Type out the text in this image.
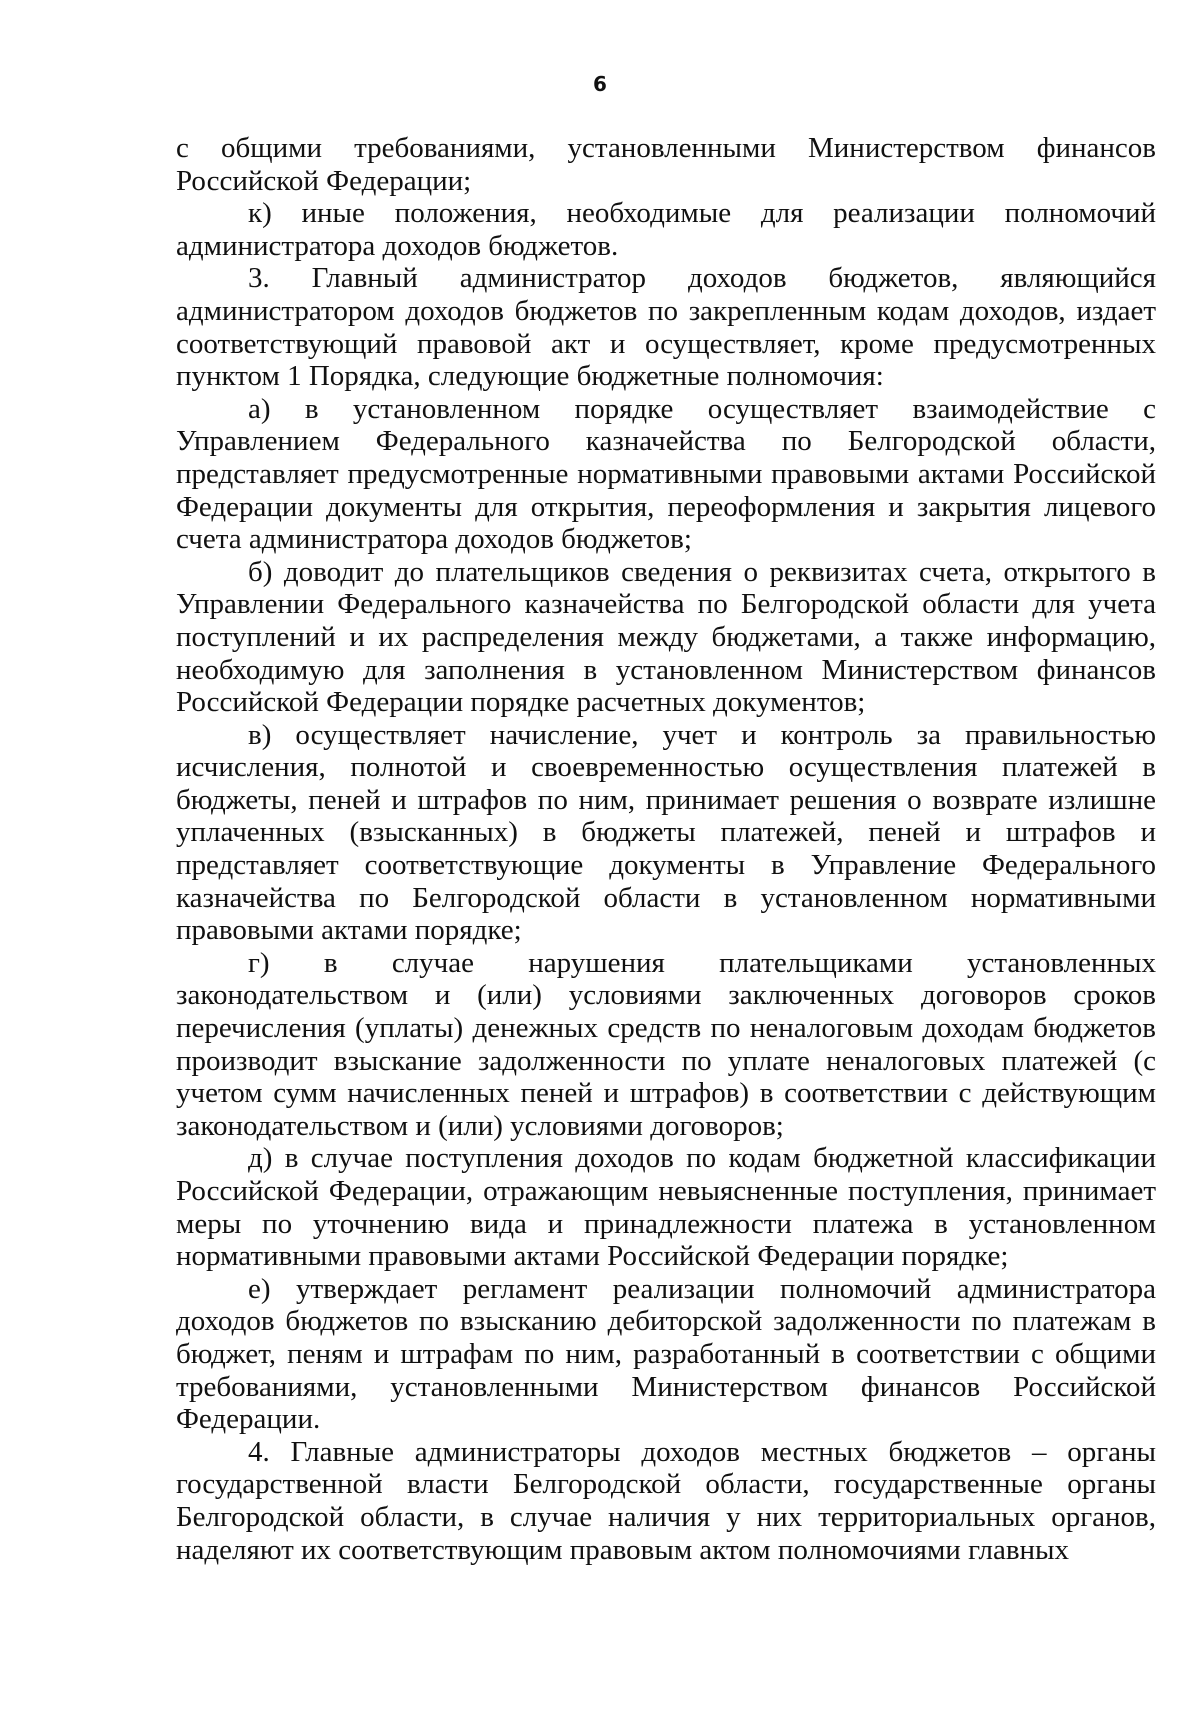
6

с общими требованиями, установленными Министерством финансов Российской Федерации;

к) иные положения, необходимые для реализации полномочий администратора доходов бюджетов.

3. Главный администратор доходов бюджетов, являющийся администратором доходов бюджетов по закрепленным кодам доходов, издает соответствующий правовой акт и осуществляет, кроме предусмотренных пунктом 1 Порядка, следующие бюджетные полномочия:

а) в установленном порядке осуществляет взаимодействие с Управлением Федерального казначейства по Белгородской области, представляет предусмотренные нормативными правовыми актами Российской Федерации документы для открытия, переоформления и закрытия лицевого счета администратора доходов бюджетов;

б) доводит до плательщиков сведения о реквизитах счета, открытого в Управлении Федерального казначейства по Белгородской области для учета поступлений и их распределения между бюджетами, а также информацию, необходимую для заполнения в установленном Министерством финансов Российской Федерации порядке расчетных документов;

в) осуществляет начисление, учет и контроль за правильностью исчисления, полнотой и своевременностью осуществления платежей в бюджеты, пеней и штрафов по ним, принимает решения о возврате излишне уплаченных (взысканных) в бюджеты платежей, пеней и штрафов и представляет соответствующие документы в Управление Федерального казначейства по Белгородской области в установленном нормативными правовыми актами порядке;

г) в случае нарушения плательщиками установленных законодательством и (или) условиями заключенных договоров сроков перечисления (уплаты) денежных средств по неналоговым доходам бюджетов производит взыскание задолженности по уплате неналоговых платежей (с учетом сумм начисленных пеней и штрафов) в соответствии с действующим законодательством и (или) условиями договоров;

д) в случае поступления доходов по кодам бюджетной классификации Российской Федерации, отражающим невыясненные поступления, принимает меры по уточнению вида и принадлежности платежа в установленном нормативными правовыми актами Российской Федерации порядке;

е) утверждает регламент реализации полномочий администратора доходов бюджетов по взысканию дебиторской задолженности по платежам в бюджет, пеням и штрафам по ним, разработанный в соответствии с общими требованиями, установленными Министерством финансов Российской Федерации.

4. Главные администраторы доходов местных бюджетов – органы государственной власти Белгородской области, государственные органы Белгородской области, в случае наличия у них территориальных органов, наделяют их соответствующим правовым актом полномочиями главных
